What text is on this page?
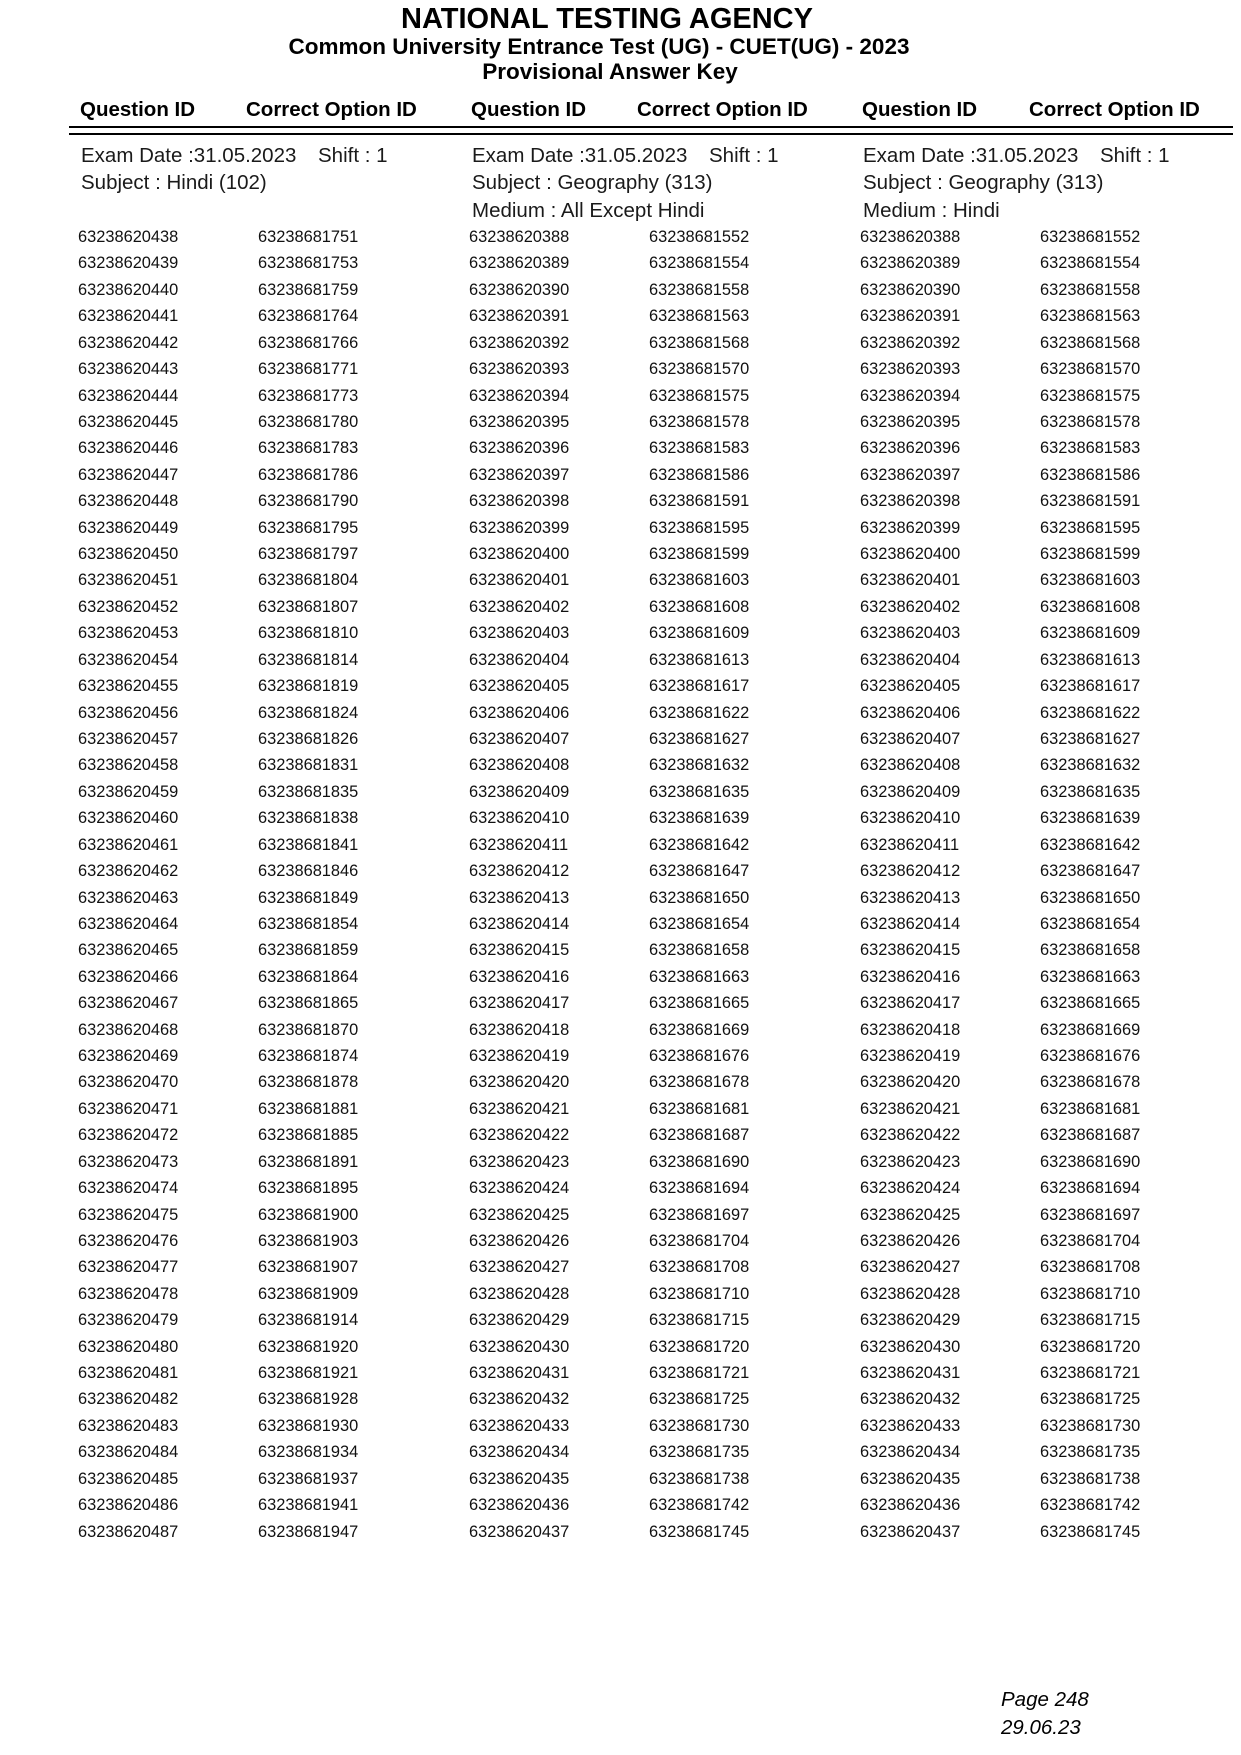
NATIONAL TESTING AGENCY
Common University Entrance Test (UG) - CUET(UG) - 2023
Provisional Answer Key
Question ID Correct Option ID	Question ID Correct Option ID	Question ID	Correct Option ID
Exam Date :31.05.2023 Shift : 1
Subject : Hindi (102)
Exam Date :31.05.2023 Shift : 1
Subject : Geography (313)
Medium : All Except Hindi
Exam Date :31.05.2023 Shift : 1
Subject : Geography (313)
Medium : Hindi
63238620438	63238681751
63238620439	63238681753
63238620440	63238681759
63238620441	63238681764
63238620442	63238681766
63238620443	63238681771
63238620444	63238681773
63238620445	63238681780
63238620446	63238681783
63238620447	63238681786
63238620448	63238681790
63238620449	63238681795
63238620450	63238681797
63238620451	63238681804
63238620452	63238681807
63238620453	63238681810
63238620454	63238681814
63238620455	63238681819
63238620456	63238681824
63238620457	63238681826
63238620458	63238681831
63238620459	63238681835
63238620460	63238681838
63238620461	63238681841
63238620462	63238681846
63238620463	63238681849
63238620464	63238681854
63238620465	63238681859
63238620466	63238681864
63238620467	63238681865
63238620468	63238681870
63238620469	63238681874
63238620470	63238681878
63238620471	63238681881
63238620472	63238681885
63238620473	63238681891
63238620474	63238681895
63238620475	63238681900
63238620476	63238681903
63238620477	63238681907
63238620478	63238681909
63238620479	63238681914
63238620480	63238681920
63238620481	63238681921
63238620482	63238681928
63238620483	63238681930
63238620484	63238681934
63238620485	63238681937
63238620486	63238681941
63238620487	63238681947
63238620388	63238681552
63238620389	63238681554
63238620390	63238681558
63238620391	63238681563
63238620392	63238681568
63238620393	63238681570
63238620394	63238681575
63238620395	63238681578
63238620396	63238681583
63238620397	63238681586
63238620398	63238681591
63238620399	63238681595
63238620400	63238681599
63238620401	63238681603
63238620402	63238681608
63238620403	63238681609
63238620404	63238681613
63238620405	63238681617
63238620406	63238681622
63238620407	63238681627
63238620408	63238681632
63238620409	63238681635
63238620410	63238681639
63238620411	63238681642
63238620412	63238681647
63238620413	63238681650
63238620414	63238681654
63238620415	63238681658
63238620416	63238681663
63238620417	63238681665
63238620418	63238681669
63238620419	63238681676
63238620420	63238681678
63238620421	63238681681
63238620422	63238681687
63238620423	63238681690
63238620424	63238681694
63238620425	63238681697
63238620426	63238681704
63238620427	63238681708
63238620428	63238681710
63238620429	63238681715
63238620430	63238681720
63238620431	63238681721
63238620432	63238681725
63238620433	63238681730
63238620434	63238681735
63238620435	63238681738
63238620436	63238681742
63238620437	63238681745
63238620388	63238681552
63238620389	63238681554
63238620390	63238681558
63238620391	63238681563
63238620392	63238681568
63238620393	63238681570
63238620394	63238681575
63238620395	63238681578
63238620396	63238681583
63238620397	63238681586
63238620398	63238681591
63238620399	63238681595
63238620400	63238681599
63238620401	63238681603
63238620402	63238681608
63238620403	63238681609
63238620404	63238681613
63238620405	63238681617
63238620406	63238681622
63238620407	63238681627
63238620408	63238681632
63238620409	63238681635
63238620410	63238681639
63238620411	63238681642
63238620412	63238681647
63238620413	63238681650
63238620414	63238681654
63238620415	63238681658
63238620416	63238681663
63238620417	63238681665
63238620418	63238681669
63238620419	63238681676
63238620420	63238681678
63238620421	63238681681
63238620422	63238681687
63238620423	63238681690
63238620424	63238681694
63238620425	63238681697
63238620426	63238681704
63238620427	63238681708
63238620428	63238681710
63238620429	63238681715
63238620430	63238681720
63238620431	63238681721
63238620432	63238681725
63238620433	63238681730
63238620434	63238681735
63238620435	63238681738
63238620436	63238681742
63238620437	63238681745
Page 248
29.06.23
